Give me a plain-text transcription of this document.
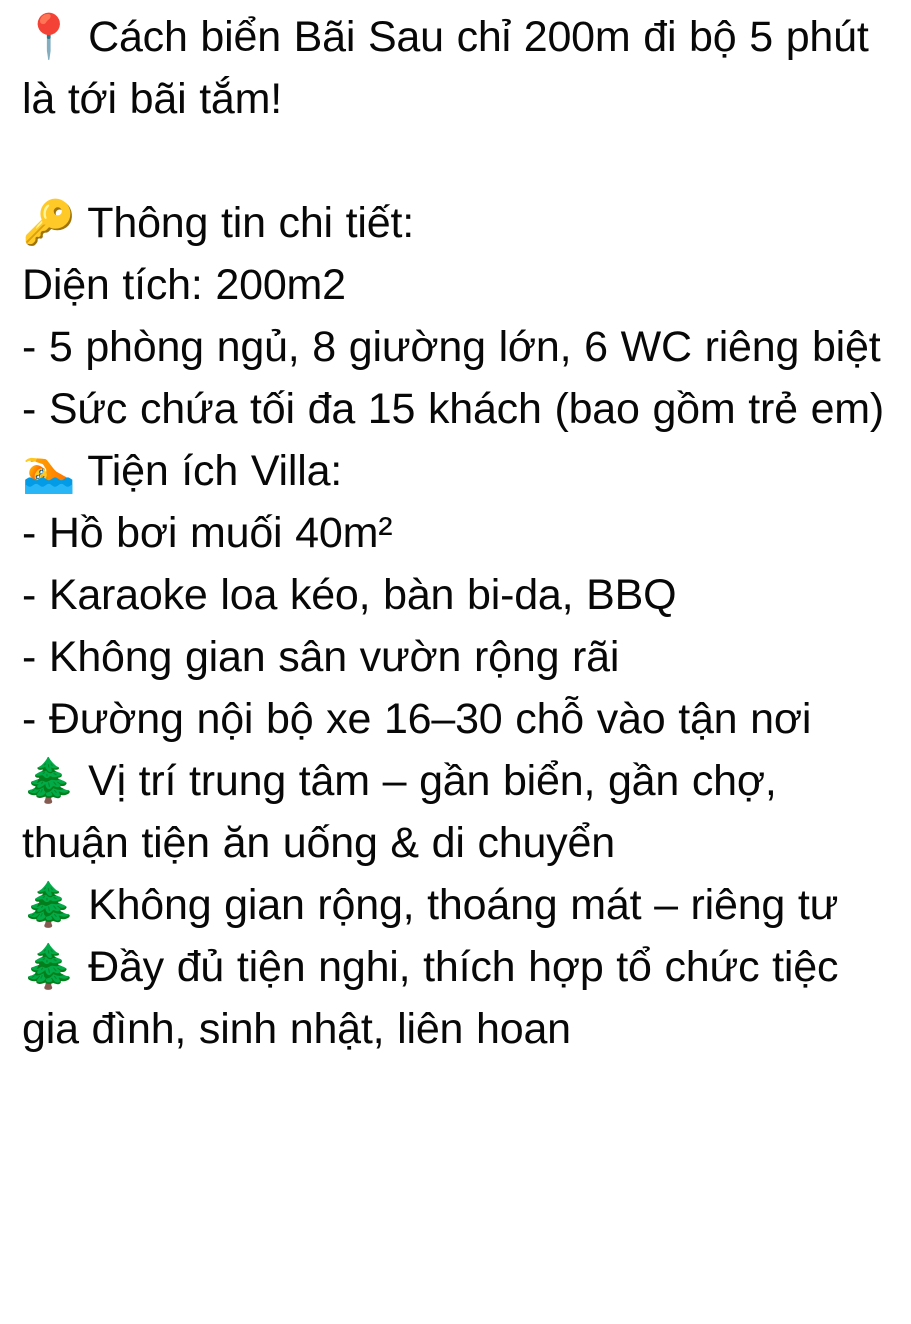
📍 Cách biển Bãi Sau chỉ 200m đi bộ 5 phút là tới bãi tắm!

🔑 Thông tin chi tiết:

Diện tích: 200m2

- 5 phòng ngủ, 8 giường lớn, 6 WC riêng biệt

- Sức chứa tối đa 15 khách (bao gồm trẻ em)

🏊 Tiện ích Villa:

- Hồ bơi muối 40m²

- Karaoke loa kéo, bàn bi-da, BBQ

- Không gian sân vườn rộng rãi

- Đường nội bộ xe 16–30 chỗ vào tận nơi

🌲 Vị trí trung tâm – gần biển, gần chợ, thuận tiện ăn uống & di chuyển

🌲 Không gian rộng, thoáng mát – riêng tư

🌲 Đầy đủ tiện nghi, thích hợp tổ chức tiệc gia đình, sinh nhật, liên hoan
